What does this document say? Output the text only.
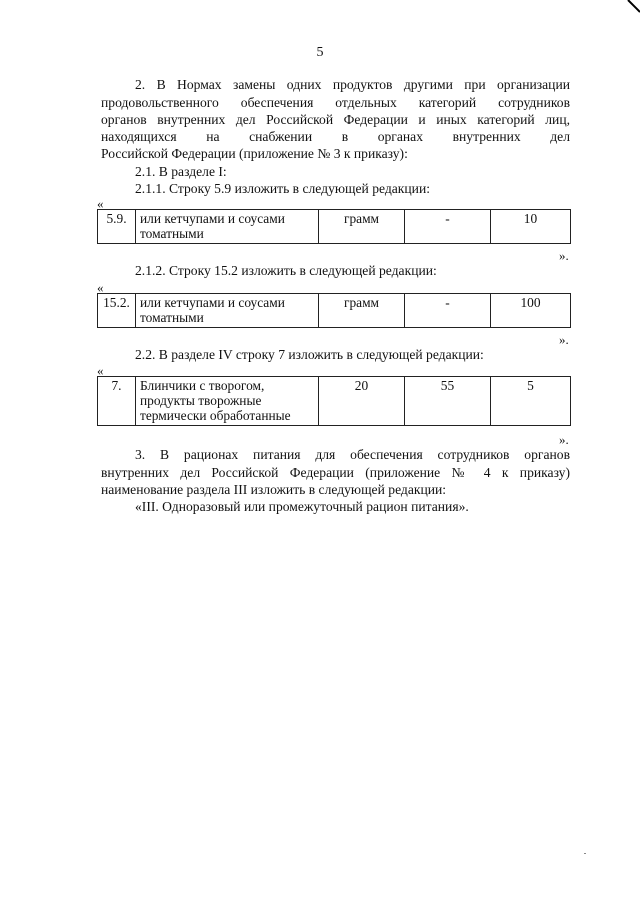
5
2. В Нормах замены одних продуктов другими при организации
продовольственного обеспечения отдельных категорий сотрудников
органов внутренних дел Российской Федерации и иных категорий лиц,
находящихся на снабжении в органах внутренних дел
Российской Федерации (приложение № 3 к приказу):
2.1. В разделе I:
2.1.1. Строку 5.9 изложить в следующей редакции:
«
5.9.	или кетчупами и соусами томатными	грамм	-	10
».
2.1.2. Строку 15.2 изложить в следующей редакции:
«
15.2.	или кетчупами и соусами томатными	грамм	-	100
».
2.2. В разделе IV строку 7 изложить в следующей редакции:
«
7.	Блинчики с творогом, продукты творожные термически обработанные	20	55	5
».
3. В рационах питания для обеспечения сотрудников органов
внутренних дел Российской Федерации (приложение № 4 к приказу)
наименование раздела III изложить в следующей редакции:
«III. Одноразовый или промежуточный рацион питания».
